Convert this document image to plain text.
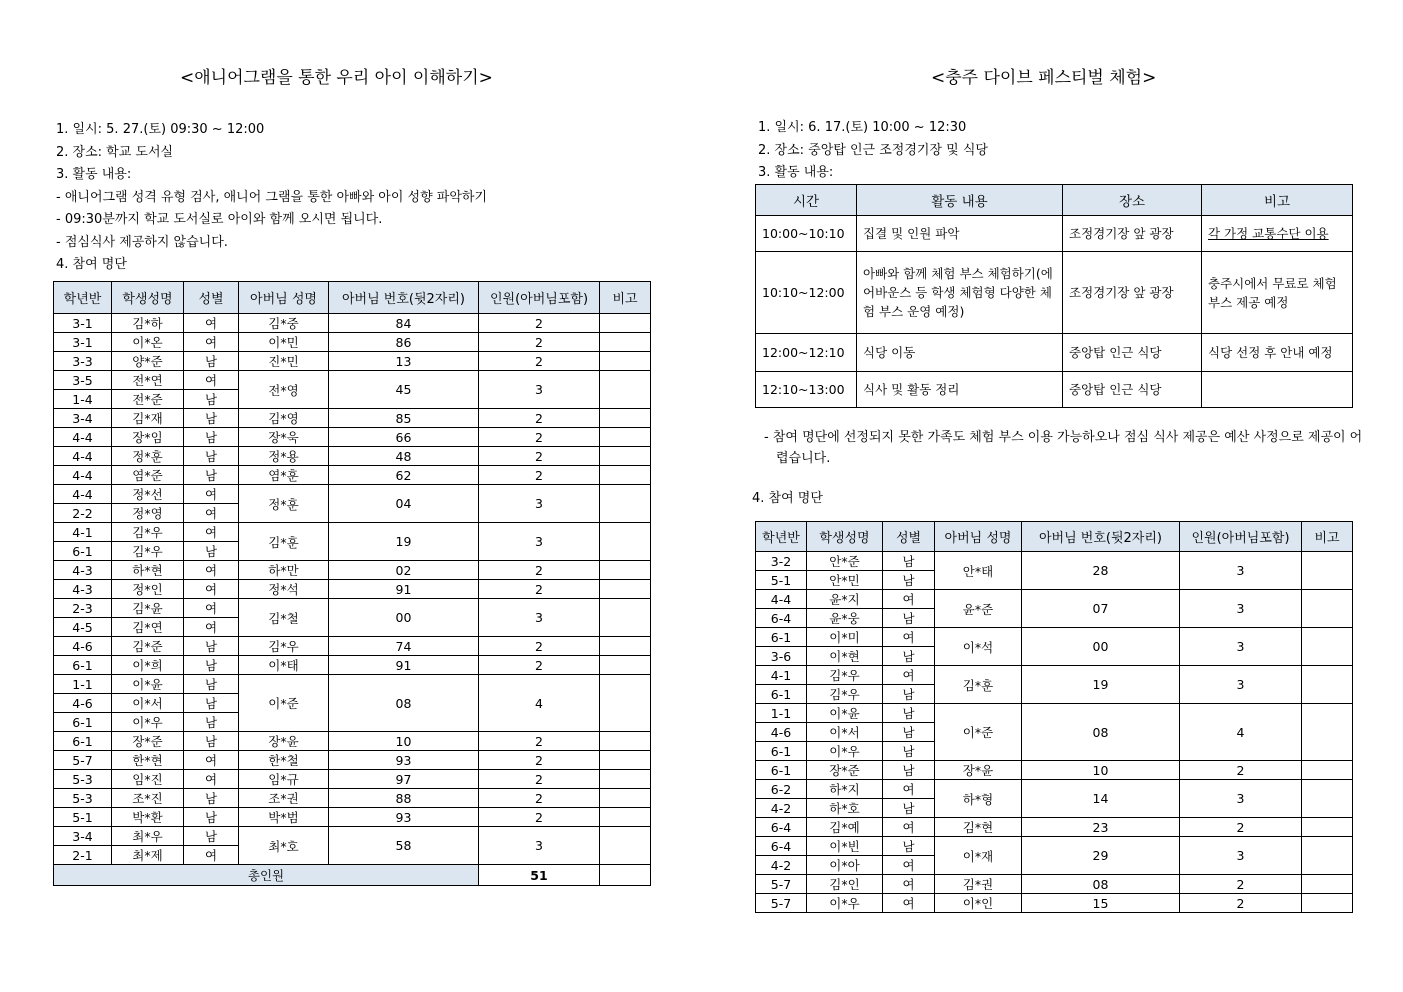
<애니어그램을 통한 우리 아이 이해하기>
1. 일시: 5. 27.(토) 09:30 ~ 12:00
2. 장소: 학교 도서실
3. 활동 내용:
- 애니어그램 성격 유형 검사, 애니어 그램을 통한 아빠와 아이 성향 파악하기
- 09:30분까지 학교 도서실로 아이와 함께 오시면 됩니다.
- 점심식사 제공하지 않습니다.
4. 참여 명단
학년반	학생성명	성별	아버님 성명	아버님 번호(뒷2자리)	인원(아버님포함)	비고
3-1	김*하	여	김*중	84	2	
3-1	이*온	여	이*민	86	2	
3-3	양*준	남	진*민	13	2	
3-5	전*연	여	전*영	45	3	
1-4	전*준	남				
3-4	김*재	남	김*영	85	2	
4-4	장*임	남	장*욱	66	2	
4-4	정*훈	남	정*용	48	2	
4-4	염*준	남	염*훈	62	2	
4-4	정*선	여	정*훈	04	3	
2-2	정*영	여				
4-1	김*우	여	김*훈	19	3	
6-1	김*우	남				
4-3	하*현	여	하*만	02	2	
4-3	정*인	여	정*석	91	2	
2-3	김*윤	여	김*철	00	3	
4-5	김*연	여				
4-6	김*준	남	김*우	74	2	
6-1	이*희	남	이*태	91	2	
1-1	이*윤	남	이*준	08	4	
4-6	이*서	남				
6-1	이*우	남				
6-1	장*준	남	장*윤	10	2	
5-7	한*현	여	한*철	93	2	
5-3	임*진	여	임*규	97	2	
5-3	조*진	남	조*권	88	2	
5-1	박*환	남	박*범	93	2	
3-4	최*우	남	최*호	58	3	
2-1	최*제	여				
총인원					51	
<충주 다이브 페스티벌 체험>
1. 일시: 6. 17.(토) 10:00 ~ 12:30
2. 장소: 중앙탑 인근 조정경기장 및 식당
3. 활동 내용:
시간	활동 내용	장소	비고
10:00~10:10	집결 및 인원 파악	조정경기장 앞 광장	각 가정 교통수단 이용
10:10~12:00	아빠와 함께 체험 부스 체험하기(에어바운스 등 학생 체험형 다양한 체험 부스 운영 예정)	조정경기장 앞 광장	충주시에서 무료로 체험부스 제공 예정
12:00~12:10	식당 이동	중앙탑 인근 식당	식당 선정 후 안내 예정
12:10~13:00	식사 및 활동 정리	중앙탑 인근 식당	
- 참여 명단에 선정되지 못한 가족도 체험 부스 이용 가능하오나 점심 식사 제공은 예산 사정으로 제공이 어렵습니다.
4. 참여 명단
학년반	학생성명	성별	아버님 성명	아버님 번호(뒷2자리)	인원(아버님포함)	비고
3-2	안*준	남	안*태	28	3	
5-1	안*민	남				
4-4	윤*지	여	윤*준	07	3	
6-4	윤*웅	남				
6-1	이*미	여	이*석	00	3	
3-6	이*현	남				
4-1	김*우	여	김*훈	19	3	
6-1	김*우	남				
1-1	이*윤	남	이*준	08	4	
4-6	이*서	남				
6-1	이*우	남				
6-1	장*준	남	장*윤	10	2	
6-2	하*지	여	하*형	14	3	
4-2	하*호	남				
6-4	김*예	여	김*현	23	2	
6-4	이*빈	남	이*재	29	3	
4-2	이*아	여				
5-7	김*인	여	김*권	08	2	
5-7	이*우	여	이*인	15	2	
